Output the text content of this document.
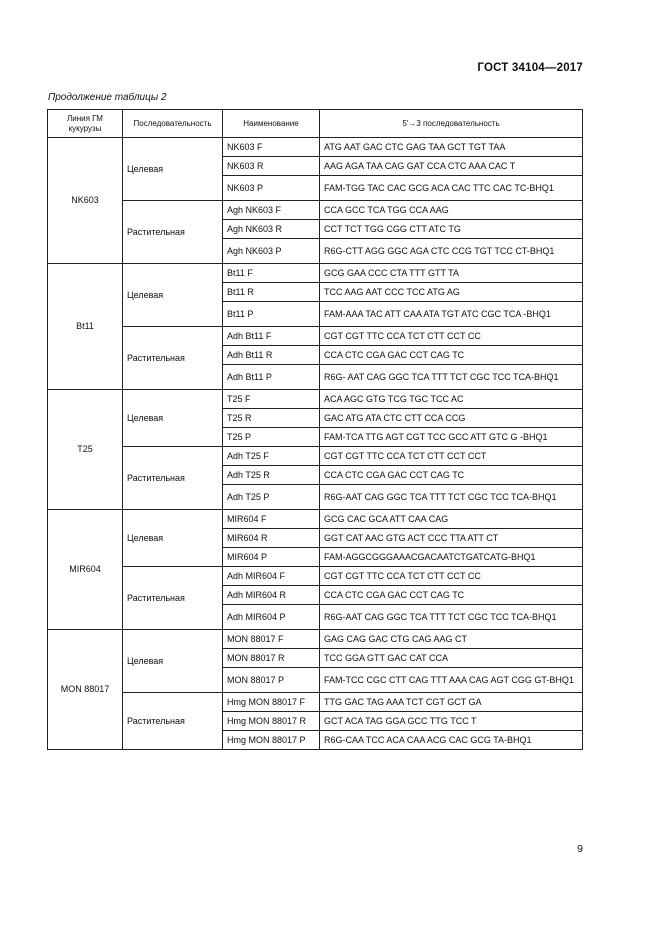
ГОСТ 34104—2017
Продолжение таблицы 2
Линия ГМ кукурузы	Последовательность	Наименование	5'→3 последовательность
NK603	Целевая	NK603 F	ATG AAT GAC CTC GAG TAA GCT TGT TAA
		NK603 R	AAG AGA TAA CAG GAT CCA CTC AAA CAC T
		NK603 P	FAM-TGG TAC CAC GCG ACA CAC TTC CAC TC-BHQ1
	Растительная	Agh NK603 F	CCA GCC TCA TGG CCA AAG
		Agh NK603 R	CCT TCT TGG CGG CTT ATC TG
		Agh NK603 P	R6G-CTT AGG GGC AGA CTC CCG TGT TCC CT-BHQ1
Bt11	Целевая	Bt11 F	GCG GAA CCC CTA TTT GTT TA
		Bt11 R	TCC AAG AAT CCC TCC ATG AG
		Bt11 P	FAM-AAA TAC ATT CAA ATA TGT ATC CGC TCA -BHQ1
	Растительная	Adh Bt11 F	CGT CGT TTC CCA TCT CTT CCT CC
		Adh Bt11 R	CCA CTC CGA GAC CCT CAG TC
		Adh Bt11 P	R6G- AAT CAG GGC TCA TTT TCT CGC TCC TCA-BHQ1
T25	Целевая	T25 F	ACA AGC GTG TCG TGC TCC AC
		T25 R	GAC ATG ATA CTC CTT CCA CCG
		T25 P	FAM-TCA TTG AGT CGT TCC GCC ATT GTC G -BHQ1
	Растительная	Adh T25 F	CGT CGT TTC CCA TCT CTT CCT CCT
		Adh T25 R	CCA CTC CGA GAC CCT CAG TC
		Adh T25 P	R6G-AAT CAG GGC TCA TTT TCT CGC TCC TCA-BHQ1
MIR604	Целевая	MIR604 F	GCG CAC GCA ATT CAA CAG
		MIR604 R	GGT CAT AAC GTG ACT CCC TTA ATT CT
		MIR604 P	FAM-AGGCGGGAAACGACAATCTGATCATG-BHQ1
	Растительная	Adh MIR604 F	CGT CGT TTC CCA TCT CTT CCT CC
		Adh MIR604 R	CCA CTC CGA GAC CCT CAG TC
		Adh MIR604 P	R6G-AAT CAG GGC TCA TTT TCT CGC TCC TCA-BHQ1
MON 88017	Целевая	MON 88017 F	GAG CAG GAC CTG CAG AAG CT
		MON 88017 R	TCC GGA GTT GAC CAT CCA
		MON 88017 P	FAM-TCC CGC CTT CAG TTT AAA CAG AGT CGG GT-BHQ1
	Растительная	Hmg MON 88017 F	TTG GAC TAG AAA TCT CGT GCT GA
		Hmg MON 88017 R	GCT ACA TAG GGA GCC TTG TCC T
		Hmg MON 88017 P	R6G-CAA TCC ACA CAA ACG CAC GCG TA-BHQ1
9
